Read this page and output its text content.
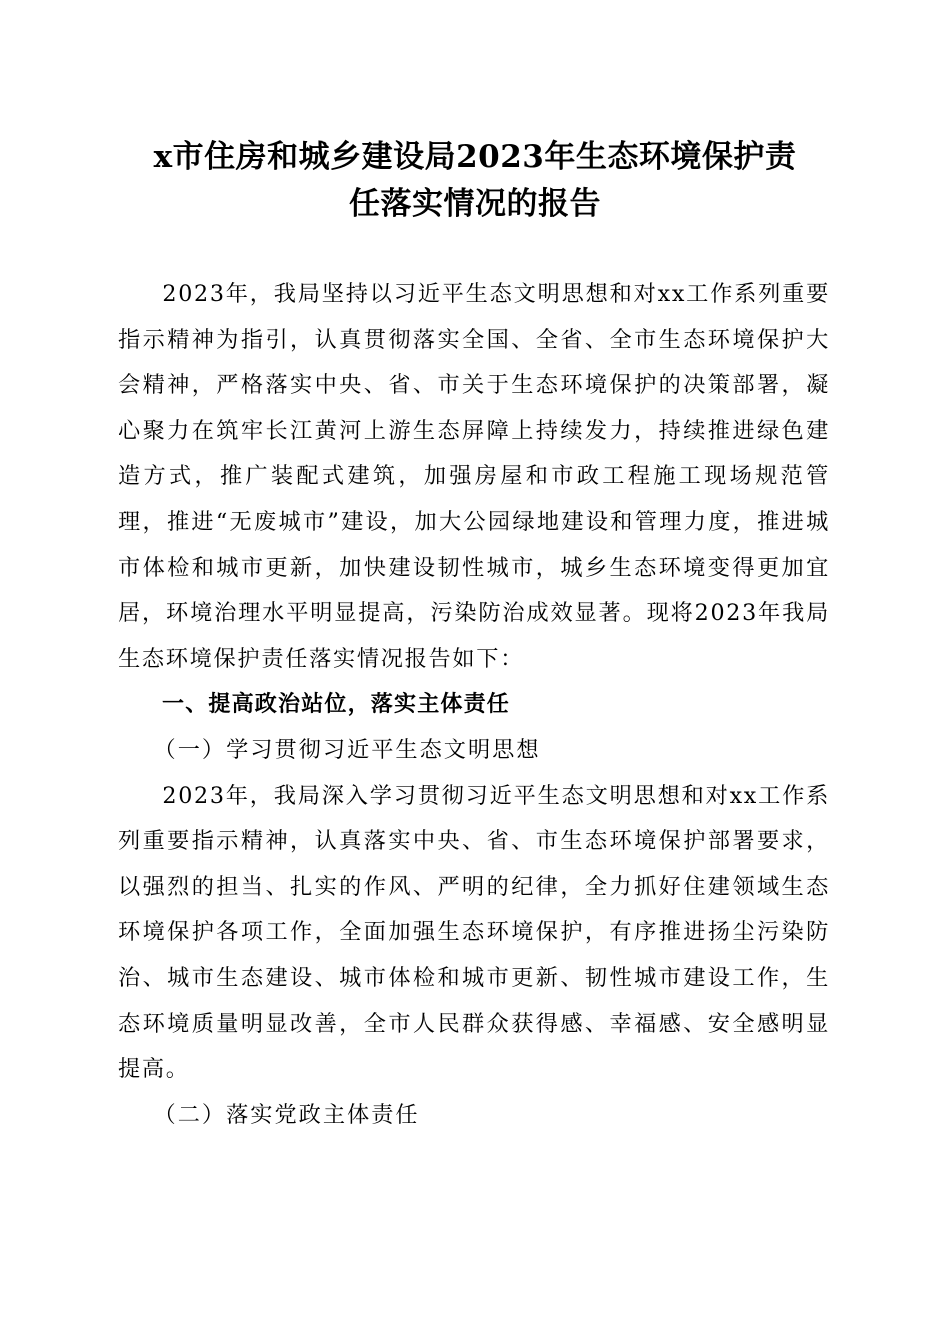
x市住房和城乡建设局2023年生态环境保护责
任落实情况的报告

2023年，我局坚持以习近平生态文明思想和对xx工作系列重要指示精神为指引，认真贯彻落实全国、全省、全市生态环境保护大会精神，严格落实中央、省、市关于生态环境保护的决策部署，凝心聚力在筑牢长江黄河上游生态屏障上持续发力，持续推进绿色建造方式，推广装配式建筑，加强房屋和市政工程施工现场规范管理，推进“无废城市”建设，加大公园绿地建设和管理力度，推进城市体检和城市更新，加快建设韧性城市，城乡生态环境变得更加宜居，环境治理水平明显提高，污染防治成效显著。现将2023年我局生态环境保护责任落实情况报告如下：

一、提高政治站位，落实主体责任

（一）学习贯彻习近平生态文明思想

2023年，我局深入学习贯彻习近平生态文明思想和对xx工作系列重要指示精神，认真落实中央、省、市生态环境保护部署要求，以强烈的担当、扎实的作风、严明的纪律，全力抓好住建领域生态环境保护各项工作，全面加强生态环境保护，有序推进扬尘污染防治、城市生态建设、城市体检和城市更新、韧性城市建设工作，生态环境质量明显改善，全市人民群众获得感、幸福感、安全感明显提高。

（二）落实党政主体责任
